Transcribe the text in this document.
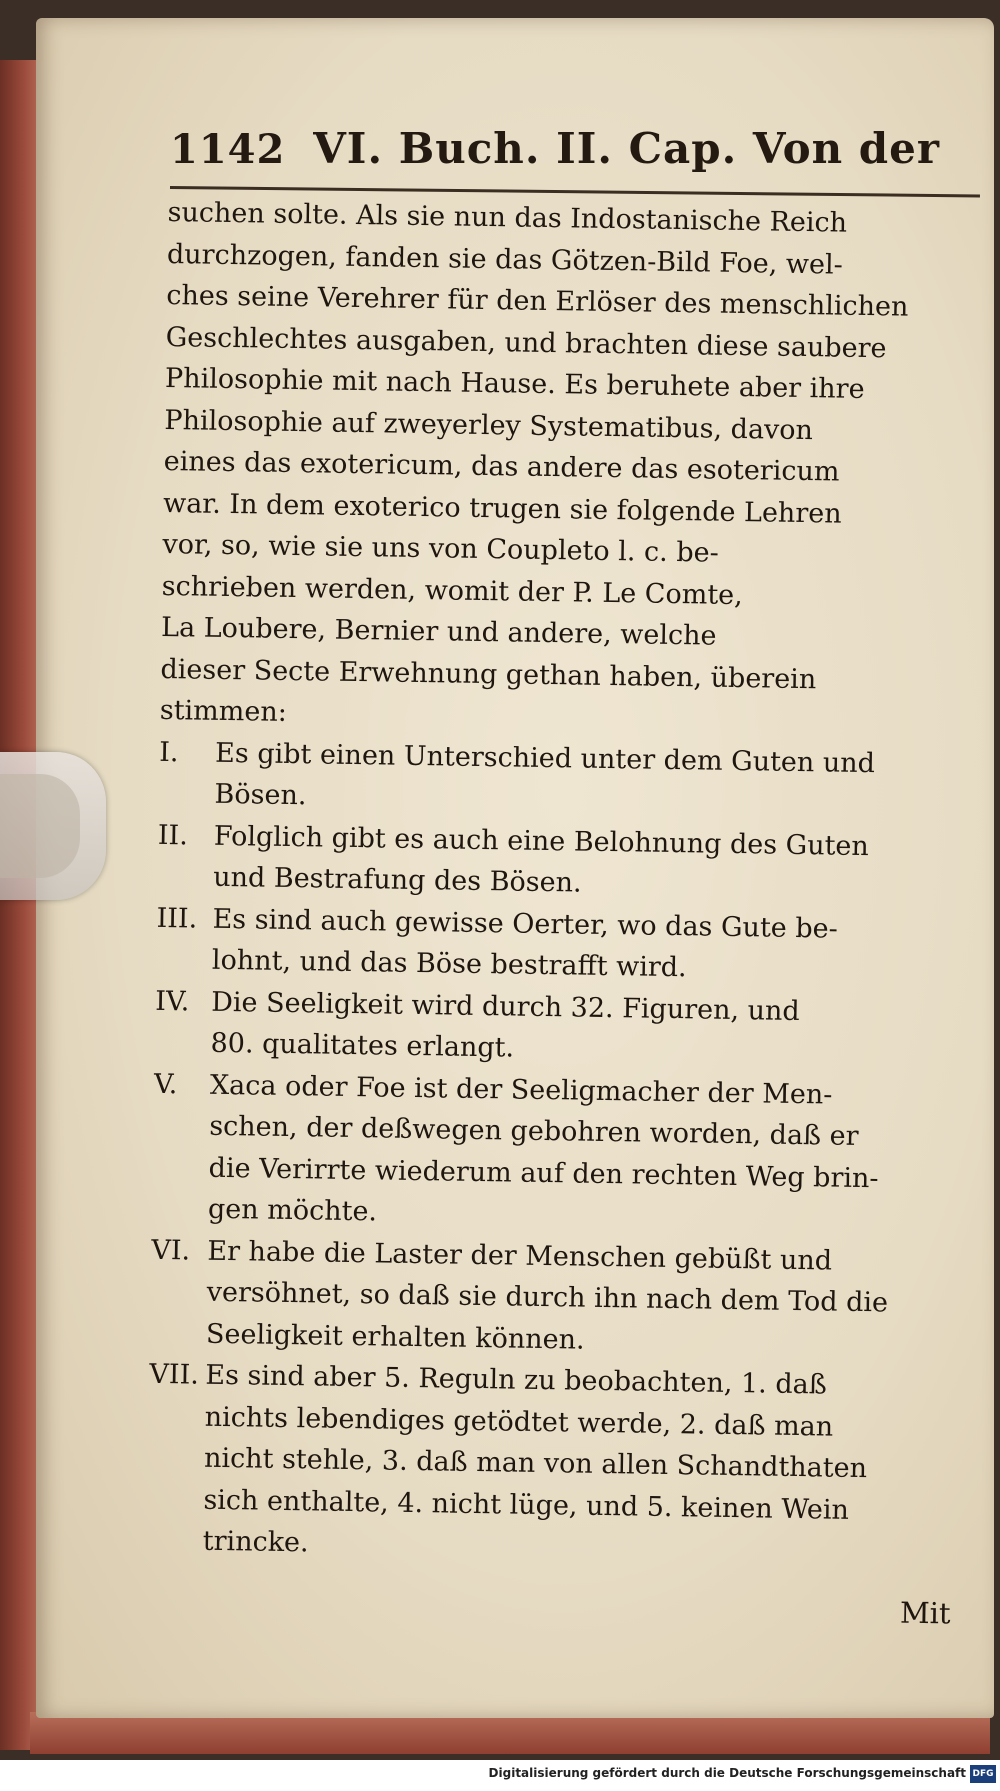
1142 VI. Buch. II. Cap. Von der
suchen solte. Als sie nun das Indostanische Reich
durchzogen, fanden sie das Götzen-Bild Foe, wel-
ches seine Verehrer für den Erlöser des menschlichen
Geschlechtes ausgaben, und brachten diese saubere
Philosophie mit nach Hause. Es beruhete aber ihre
Philosophie auf zweyerley Systematibus, davon
eines das exotericum, das andere das esotericum
war. In dem exoterico trugen sie folgende Lehren
vor, so, wie sie uns von Coupleto l. c. be-
schrieben werden, womit der P. Le Comte,
La Loubere, Bernier und andere, welche
dieser Secte Erwehnung gethan haben, überein
stimmen:
I.	Es gibt einen Unterschied unter dem Guten und
Bösen.
II. Folglich gibt es auch eine Belohnung des Guten
und Bestrafung des Bösen.
III. Es sind auch gewisse Oerter, wo das Gute be-
lohnt, und das Böse bestrafft wird.
IV. Die Seeligkeit wird durch 32. Figuren, und
80. qualitates erlangt.
V.	Xaca oder Foe ist der Seeligmacher der Men-
schen, der deßwegen gebohren worden, daß er
die Verirrte wiederum auf den rechten Weg brin-
gen möchte.
VI. Er habe die Laster der Menschen gebüßt und
versöhnet, so daß sie durch ihn nach dem Tod die
Seeligkeit erhalten können.
VII. Es sind aber 5. Reguln zu beobachten, 1. daß
nichts lebendiges getödtet werde, 2. daß man
nicht stehle, 3. daß man von allen Schandthaten
sich enthalte, 4. nicht lüge, und 5. keinen Wein
trincke.
Mit
Digitalisierung gefördert durch die Deutsche Forschungsgemeinschaft DFG
